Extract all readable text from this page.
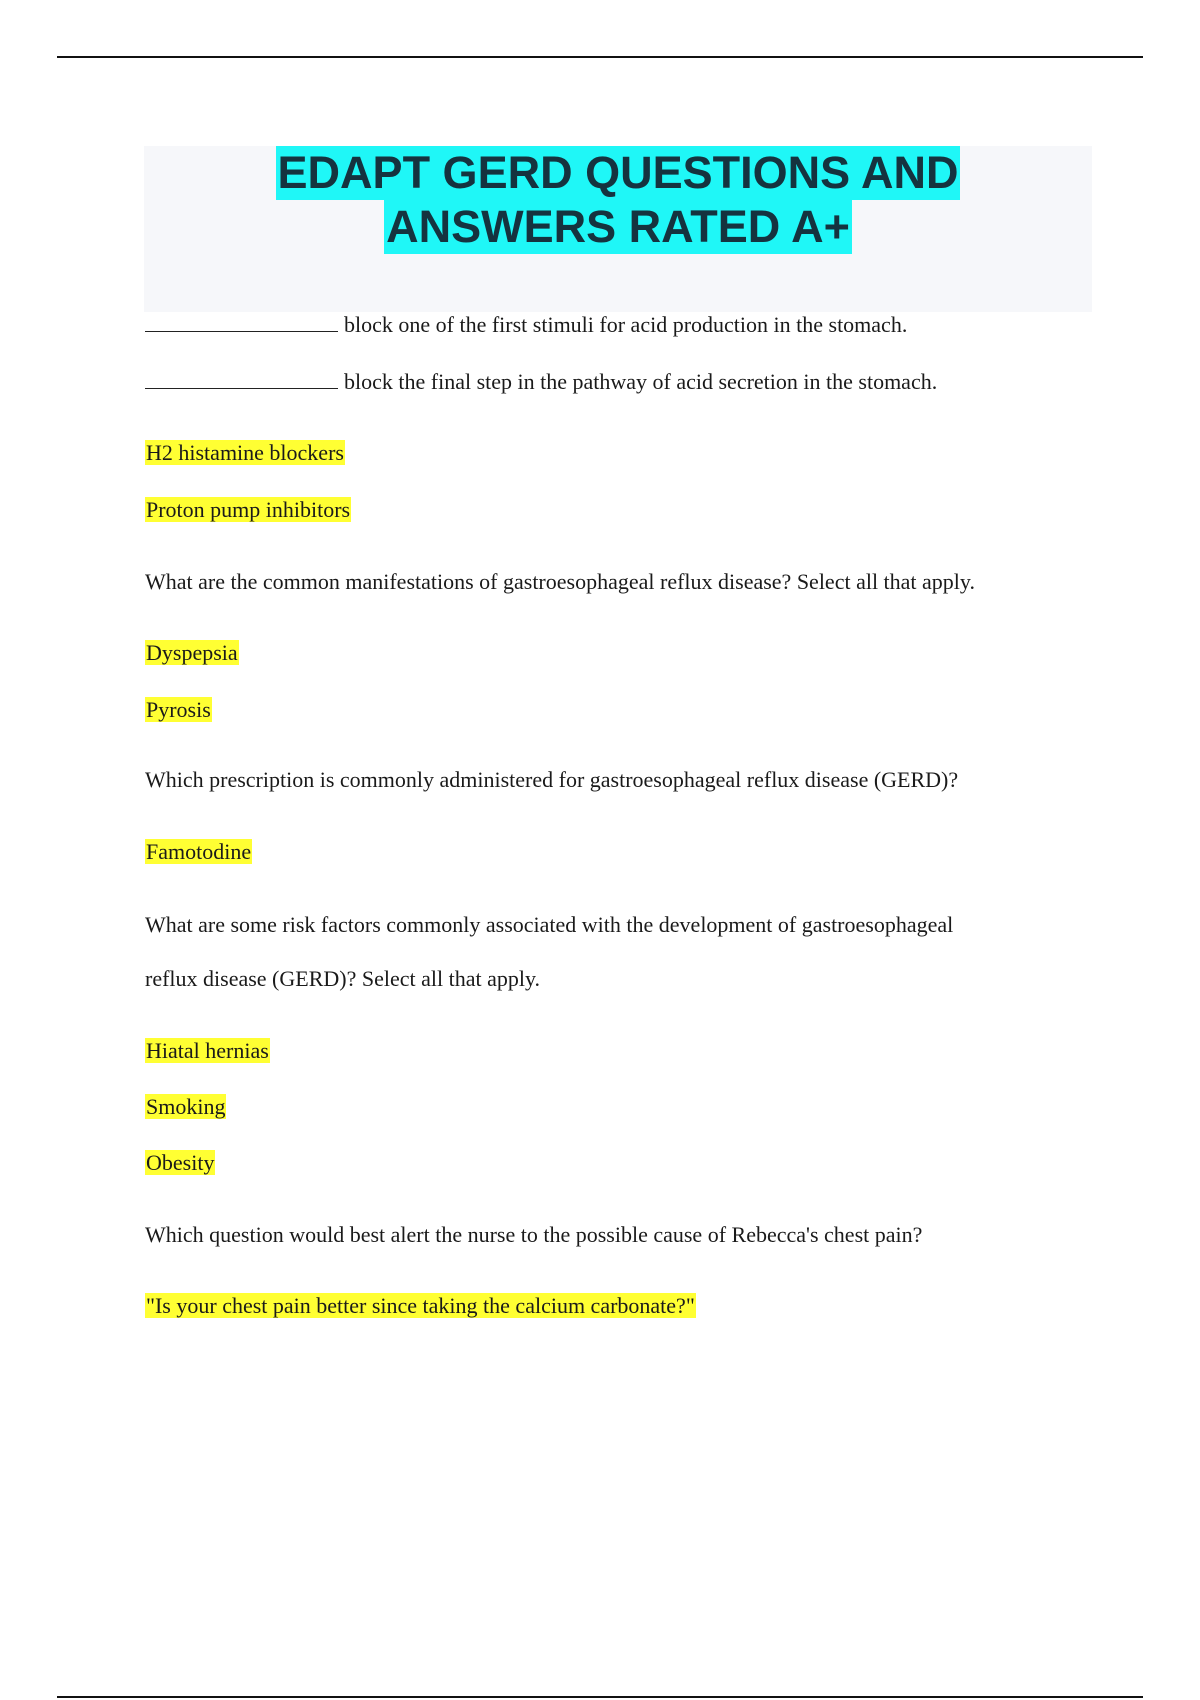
EDAPT GERD QUESTIONS AND
ANSWERS RATED A+
block one of the first stimuli for acid production in the stomach.
block the final step in the pathway of acid secretion in the stomach.
H2 histamine blockers
Proton pump inhibitors
What are the common manifestations of gastroesophageal reflux disease? Select all that apply.
Dyspepsia
Pyrosis
Which prescription is commonly administered for gastroesophageal reflux disease (GERD)?
Famotodine
What are some risk factors commonly associated with the development of gastroesophageal
reflux disease (GERD)? Select all that apply.
Hiatal hernias
Smoking
Obesity
Which question would best alert the nurse to the possible cause of Rebecca's chest pain?
"Is your chest pain better since taking the calcium carbonate?"
